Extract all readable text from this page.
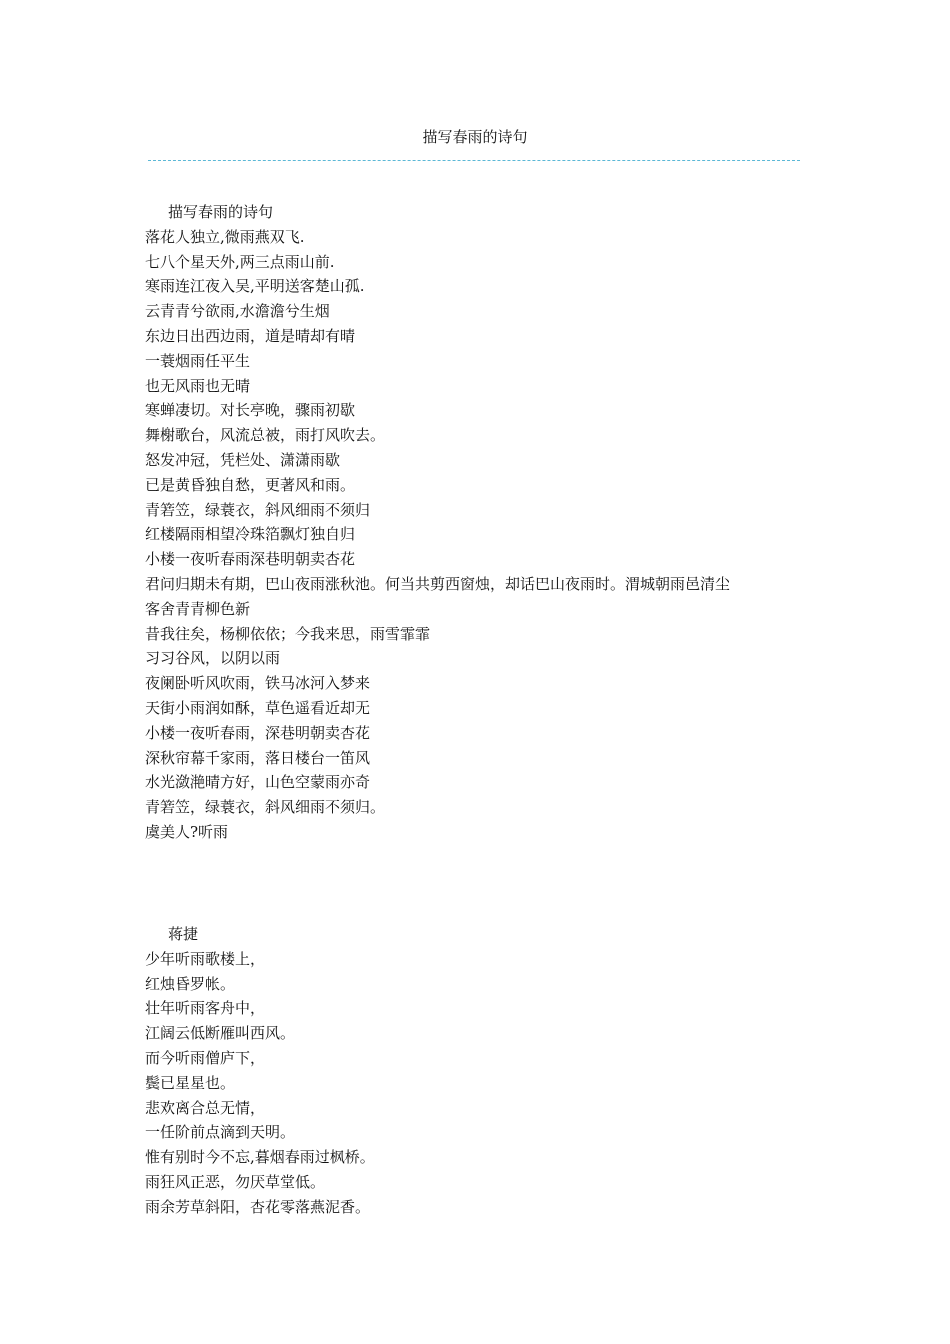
描写春雨的诗句
描写春雨的诗句
落花人独立,微雨燕双飞.
七八个星天外,两三点雨山前.
寒雨连江夜入吴,平明送客楚山孤.
云青青兮欲雨,水澹澹兮生烟
东边日出西边雨，道是晴却有晴
一蓑烟雨任平生
也无风雨也无晴
寒蝉凄切。对长亭晚，骤雨初歇
舞榭歌台，风流总被，雨打风吹去。
怒发冲冠，凭栏处、潇潇雨歇
已是黄昏独自愁，更著风和雨。
青箬笠，绿蓑衣，斜风细雨不须归
红楼隔雨相望冷珠箔飘灯独自归
小楼一夜听春雨深巷明朝卖杏花
君问归期未有期，巴山夜雨涨秋池。何当共剪西窗烛，却话巴山夜雨时。渭城朝雨邑清尘
客舍青青柳色新
昔我往矣，杨柳依依；今我来思，雨雪霏霏
习习谷风，以阴以雨
夜阑卧听风吹雨，铁马冰河入梦来
天街小雨润如酥，草色遥看近却无
小楼一夜听春雨，深巷明朝卖杏花
深秋帘幕千家雨，落日楼台一笛风
水光潋滟晴方好，山色空蒙雨亦奇
青箬笠，绿蓑衣，斜风细雨不须归。
虞美人?听雨
蒋捷
少年听雨歌楼上，
红烛昏罗帐。
壮年听雨客舟中，
江阔云低断雁叫西风。
而今听雨僧庐下，
鬓已星星也。
悲欢离合总无情，
一任阶前点滴到天明。
惟有别时今不忘,暮烟春雨过枫桥。
雨狂风正恶，勿厌草堂低。
雨余芳草斜阳，杏花零落燕泥香。
